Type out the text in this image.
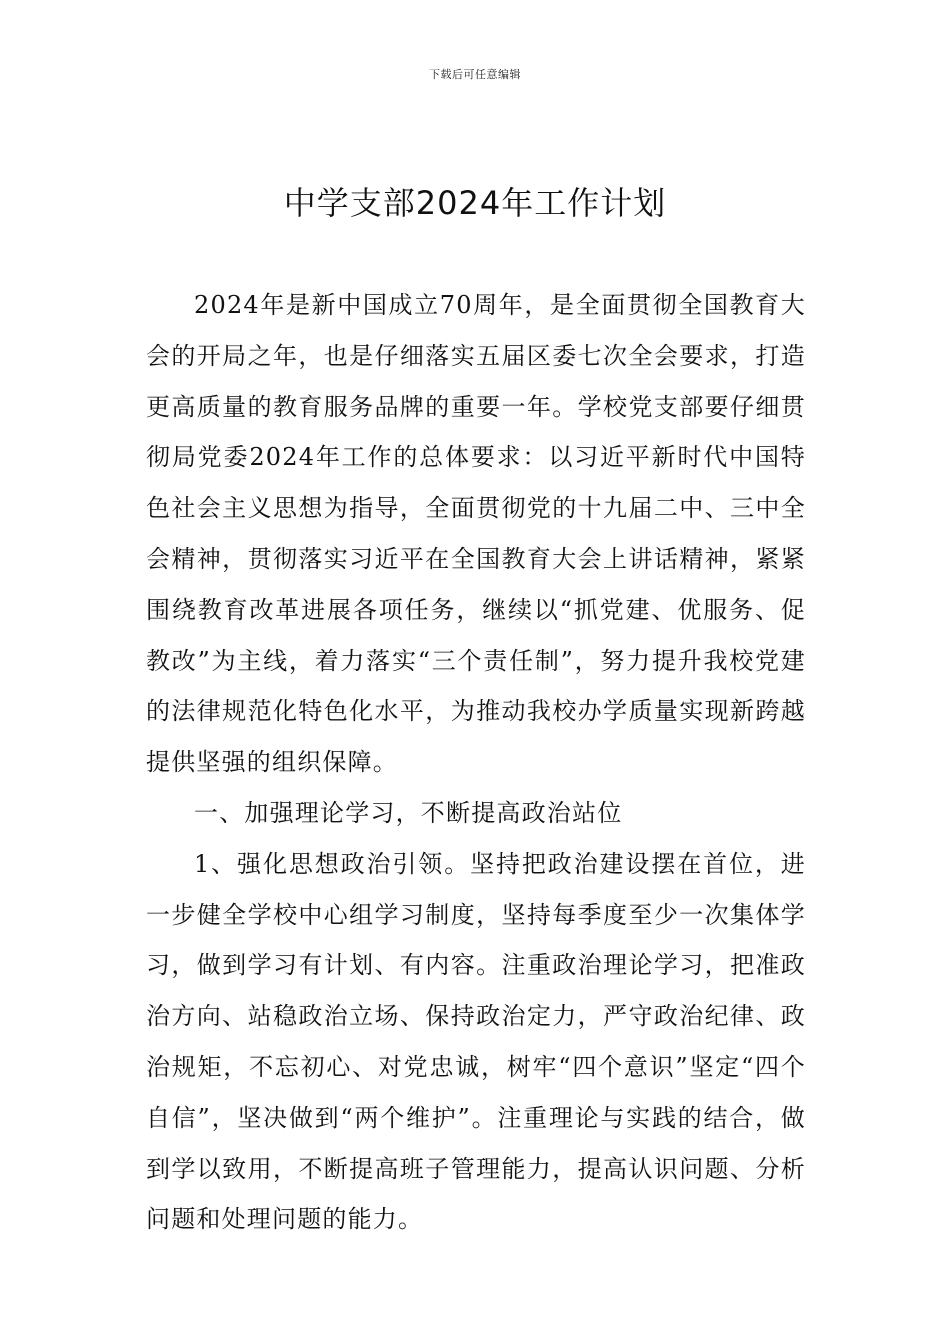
下载后可任意编辑
中学支部2024年工作计划

2024年是新中国成立70周年，是全面贯彻全国教育大会的开局之年，也是仔细落实五届区委七次全会要求，打造更高质量的教育服务品牌的重要一年。学校党支部要仔细贯彻局党委2024年工作的总体要求：以习近平新时代中国特色社会主义思想为指导，全面贯彻党的十九届二中、三中全会精神，贯彻落实习近平在全国教育大会上讲话精神，紧紧围绕教育改革进展各项任务，继续以“抓党建、优服务、促教改”为主线，着力落实“三个责任制”，努力提升我校党建的法律规范化特色化水平，为推动我校办学质量实现新跨越提供坚强的组织保障。

一、加强理论学习，不断提高政治站位

1、强化思想政治引领。坚持把政治建设摆在首位，进一步健全学校中心组学习制度，坚持每季度至少一次集体学习，做到学习有计划、有内容。注重政治理论学习，把准政治方向、站稳政治立场、保持政治定力，严守政治纪律、政治规矩，不忘初心、对党忠诚，树牢“四个意识”坚定“四个自信”，坚决做到“两个维护”。注重理论与实践的结合，做到学以致用，不断提高班子管理能力，提高认识问题、分析问题和处理问题的能力。
